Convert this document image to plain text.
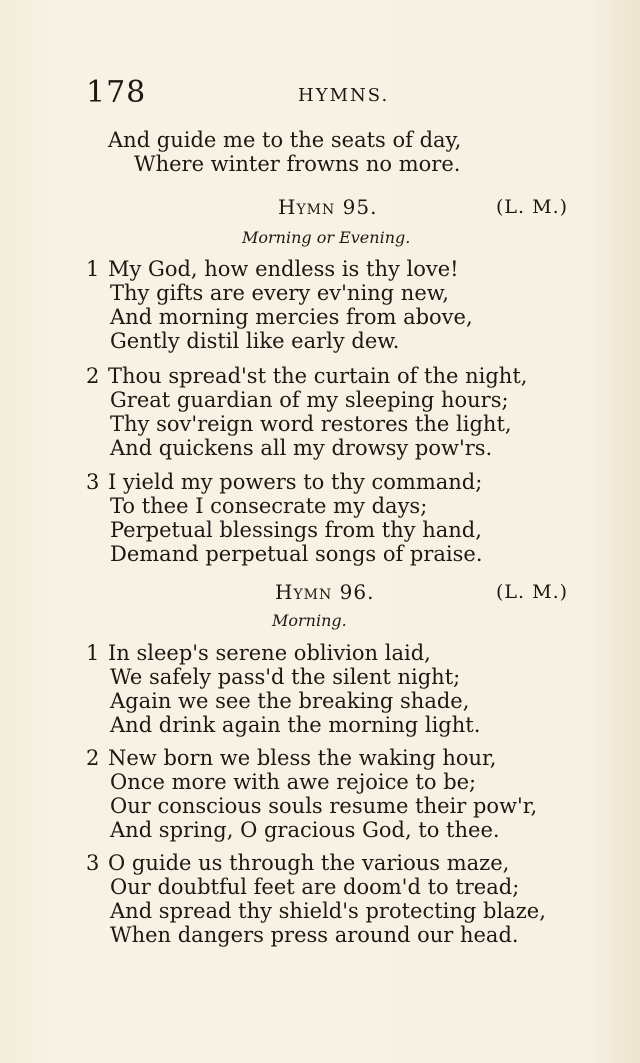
178	HYMNS.
And guide me to the seats of day,
Where winter frowns no more.
Hymn 95.	(L. M.)
Morning or Evening.
1 My God, how endless is thy love!
Thy gifts are every ev'ning new,
And morning mercies from above,
Gently distil like early dew.
2 Thou spread'st the curtain of the night,
Great guardian of my sleeping hours;
Thy sov'reign word restores the light,
And quickens all my drowsy pow'rs.
3 I yield my powers to thy command;
To thee I consecrate my days;
Perpetual blessings from thy hand,
Demand perpetual songs of praise.
Hymn 96.	(L. M.)
Morning.
1 In sleep's serene oblivion laid,
We safely pass'd the silent night;
Again we see the breaking shade,
And drink again the morning light.
2 New born we bless the waking hour,
Once more with awe rejoice to be;
Our conscious souls resume their pow'r,
And spring, O gracious God, to thee.
3 O guide us through the various maze,
Our doubtful feet are doom'd to tread;
And spread thy shield's protecting blaze,
When dangers press around our head.
